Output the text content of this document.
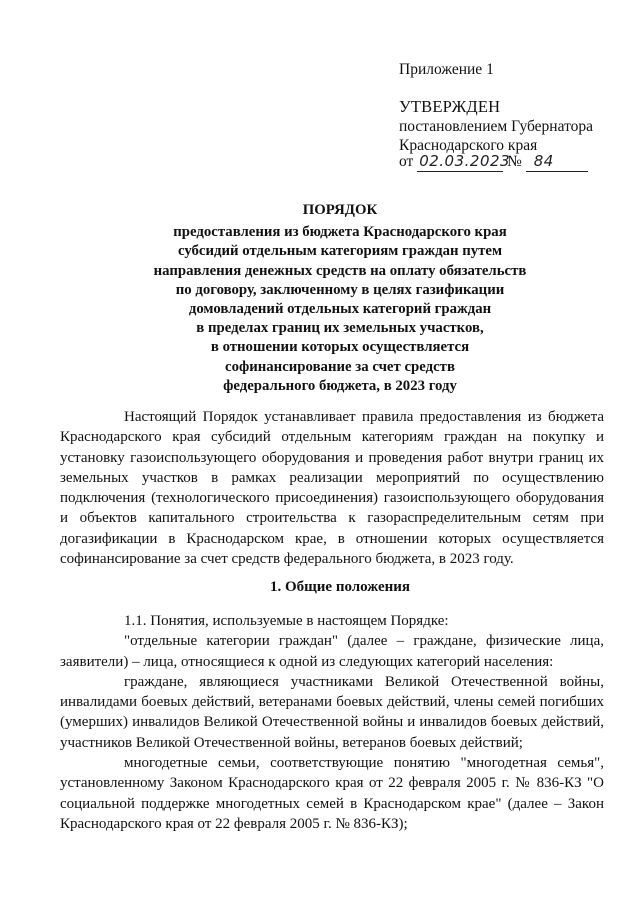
Приложение 1
УТВЕРЖДЕН
постановлением Губернатора
Краснодарского края
от 02.03.2023 № 84
ПОРЯДОК
предоставления из бюджета Краснодарского края
субсидий отдельным категориям граждан путем
направления денежных средств на оплату обязательств
по договору, заключенному в целях газификации
домовладений отдельных категорий граждан
в пределах границ их земельных участков,
в отношении которых осуществляется
софинансирование за счет средств
федерального бюджета, в 2023 году

Настоящий Порядок устанавливает правила предоставления из бюджета Краснодарского края субсидий отдельным категориям граждан на покупку и установку газоиспользующего оборудования и проведения работ внутри границ их земельных участков в рамках реализации мероприятий по осуществлению подключения (технологического присоединения) газоиспользующего оборудования и объектов капитального строительства к газораспределительным сетям при догазификации в Краснодарском крае, в отношении которых осуществляется софинансирование за счет средств федерального бюджета, в 2023 году.

1. Общие положения

1.1. Понятия, используемые в настоящем Порядке:

"отдельные категории граждан" (далее – граждане, физические лица, заявители) – лица, относящиеся к одной из следующих категорий населения:

граждане, являющиеся участниками Великой Отечественной войны, инвалидами боевых действий, ветеранами боевых действий, члены семей погибших (умерших) инвалидов Великой Отечественной войны и инвалидов боевых действий, участников Великой Отечественной войны, ветеранов боевых действий;

многодетные семьи, соответствующие понятию "многодетная семья", установленному Законом Краснодарского края от 22 февраля 2005 г. № 836-КЗ "О социальной поддержке многодетных семей в Краснодарском крае" (далее – Закон Краснодарского края от 22 февраля 2005 г. № 836-КЗ);
